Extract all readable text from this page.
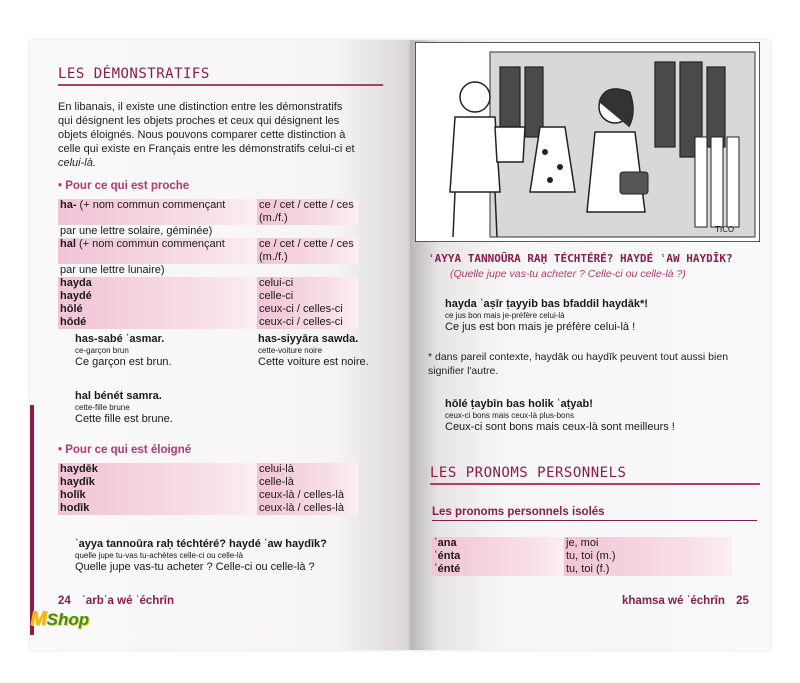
LES DÉMONSTRATIFS
En libanais, il existe une distinction entre les démonstratifs
qui désignent les objets proches et ceux qui désignent les
objets éloignés. Nous pouvons comparer cette distinction à
celle qui existe en Français entre les démonstratifs celui-ci et
celui-là.
• Pour ce qui est proche
ha- (+ nom commun commençant	ce / cet / cette / ces (m./f.)
par une lettre solaire, géminée)	
hal (+ nom commun commençant	ce / cet / cette / ces (m./f.)
par une lettre lunaire)	
hayda	celui-ci
haydé	celle-ci
hōlé	ceux-ci / celles-ci
hōdé	ceux-ci / celles-ci
has-sabé ʿasmar.
ce-garçon brun
Ce garçon est brun.
has-siyyāra sawda.
cette-voiture noire
Cette voiture est noire.
hal bénét samra.
cette-fille brune
Cette fille est brune.
• Pour ce qui est éloigné
haydēk	celui-là
haydīk	celle-là
holīk	ceux-là / celles-là
hodīk	ceux-là / celles-là
ʿayya tannoūra raḥ téchtéré? haydé ʿaw haydīk?
quelle jupe tu-vas tu-achètes celle-ci ou celle-là
Quelle jupe vas-tu acheter ? Celle-ci ou celle-là ?
24 ʿarbʿa wé ʿéchrīn
TICO
ʿAYYA TANNOŪRA RAḤ TÉCHTÉRÉ? HAYDÉ ʿAW HAYDĪK?
(Quelle jupe vas-tu acheter ? Celle-ci ou celle-là ?)
hayda ʿaṣīr ṭayyib bas bfaddil haydāk*!
ce jus bon mais je-préfère celui-là
Ce jus est bon mais je préfère celui-là !
* dans pareil contexte, haydāk ou haydīk peuvent tout aussi bien
signifier l'autre.
hōlé ṭaybīn bas holik ʿaṭyab!
ceux-ci bons mais ceux-là plus-bons
Ceux-ci sont bons mais ceux-là sont meilleurs !
LES PRONOMS PERSONNELS
Les pronoms personnels isolés
ʿana	je, moi
ʿénta	tu, toi (m.)
ʿénté	tu, toi (f.)
khamsa wé ʿéchrīn 25
MShop
